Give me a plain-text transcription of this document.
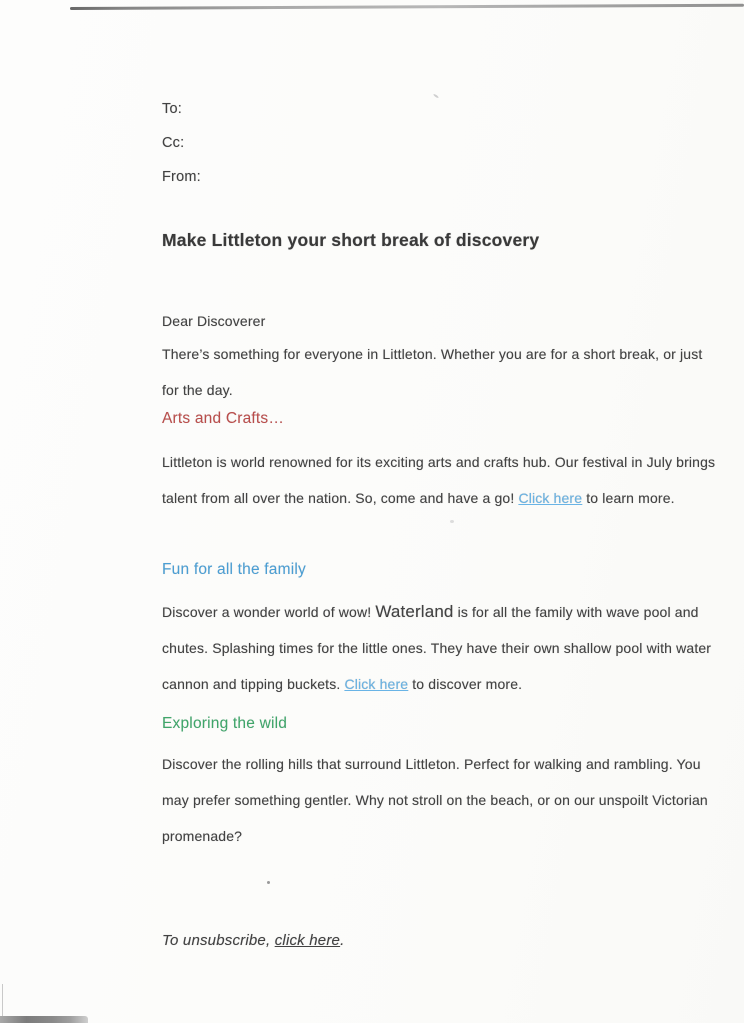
To:
Cc:
From:
Make Littleton your short break of discovery

Dear Discoverer

There’s something for everyone in Littleton. Whether you are for a short break, or just for the day.

Arts and Crafts…

Littleton is world renowned for its exciting arts and crafts hub. Our festival in July brings talent from all over the nation. So, come and have a go! Click here to learn more.

Fun for all the family

Discover a wonder world of wow! Waterland is for all the family with wave pool and chutes. Splashing times for the little ones. They have their own shallow pool with water cannon and tipping buckets. Click here to discover more.

Exploring the wild

Discover the rolling hills that surround Littleton. Perfect for walking and rambling. You may prefer something gentler. Why not stroll on the beach, or on our unspoilt Victorian promenade?

To unsubscribe, click here.
